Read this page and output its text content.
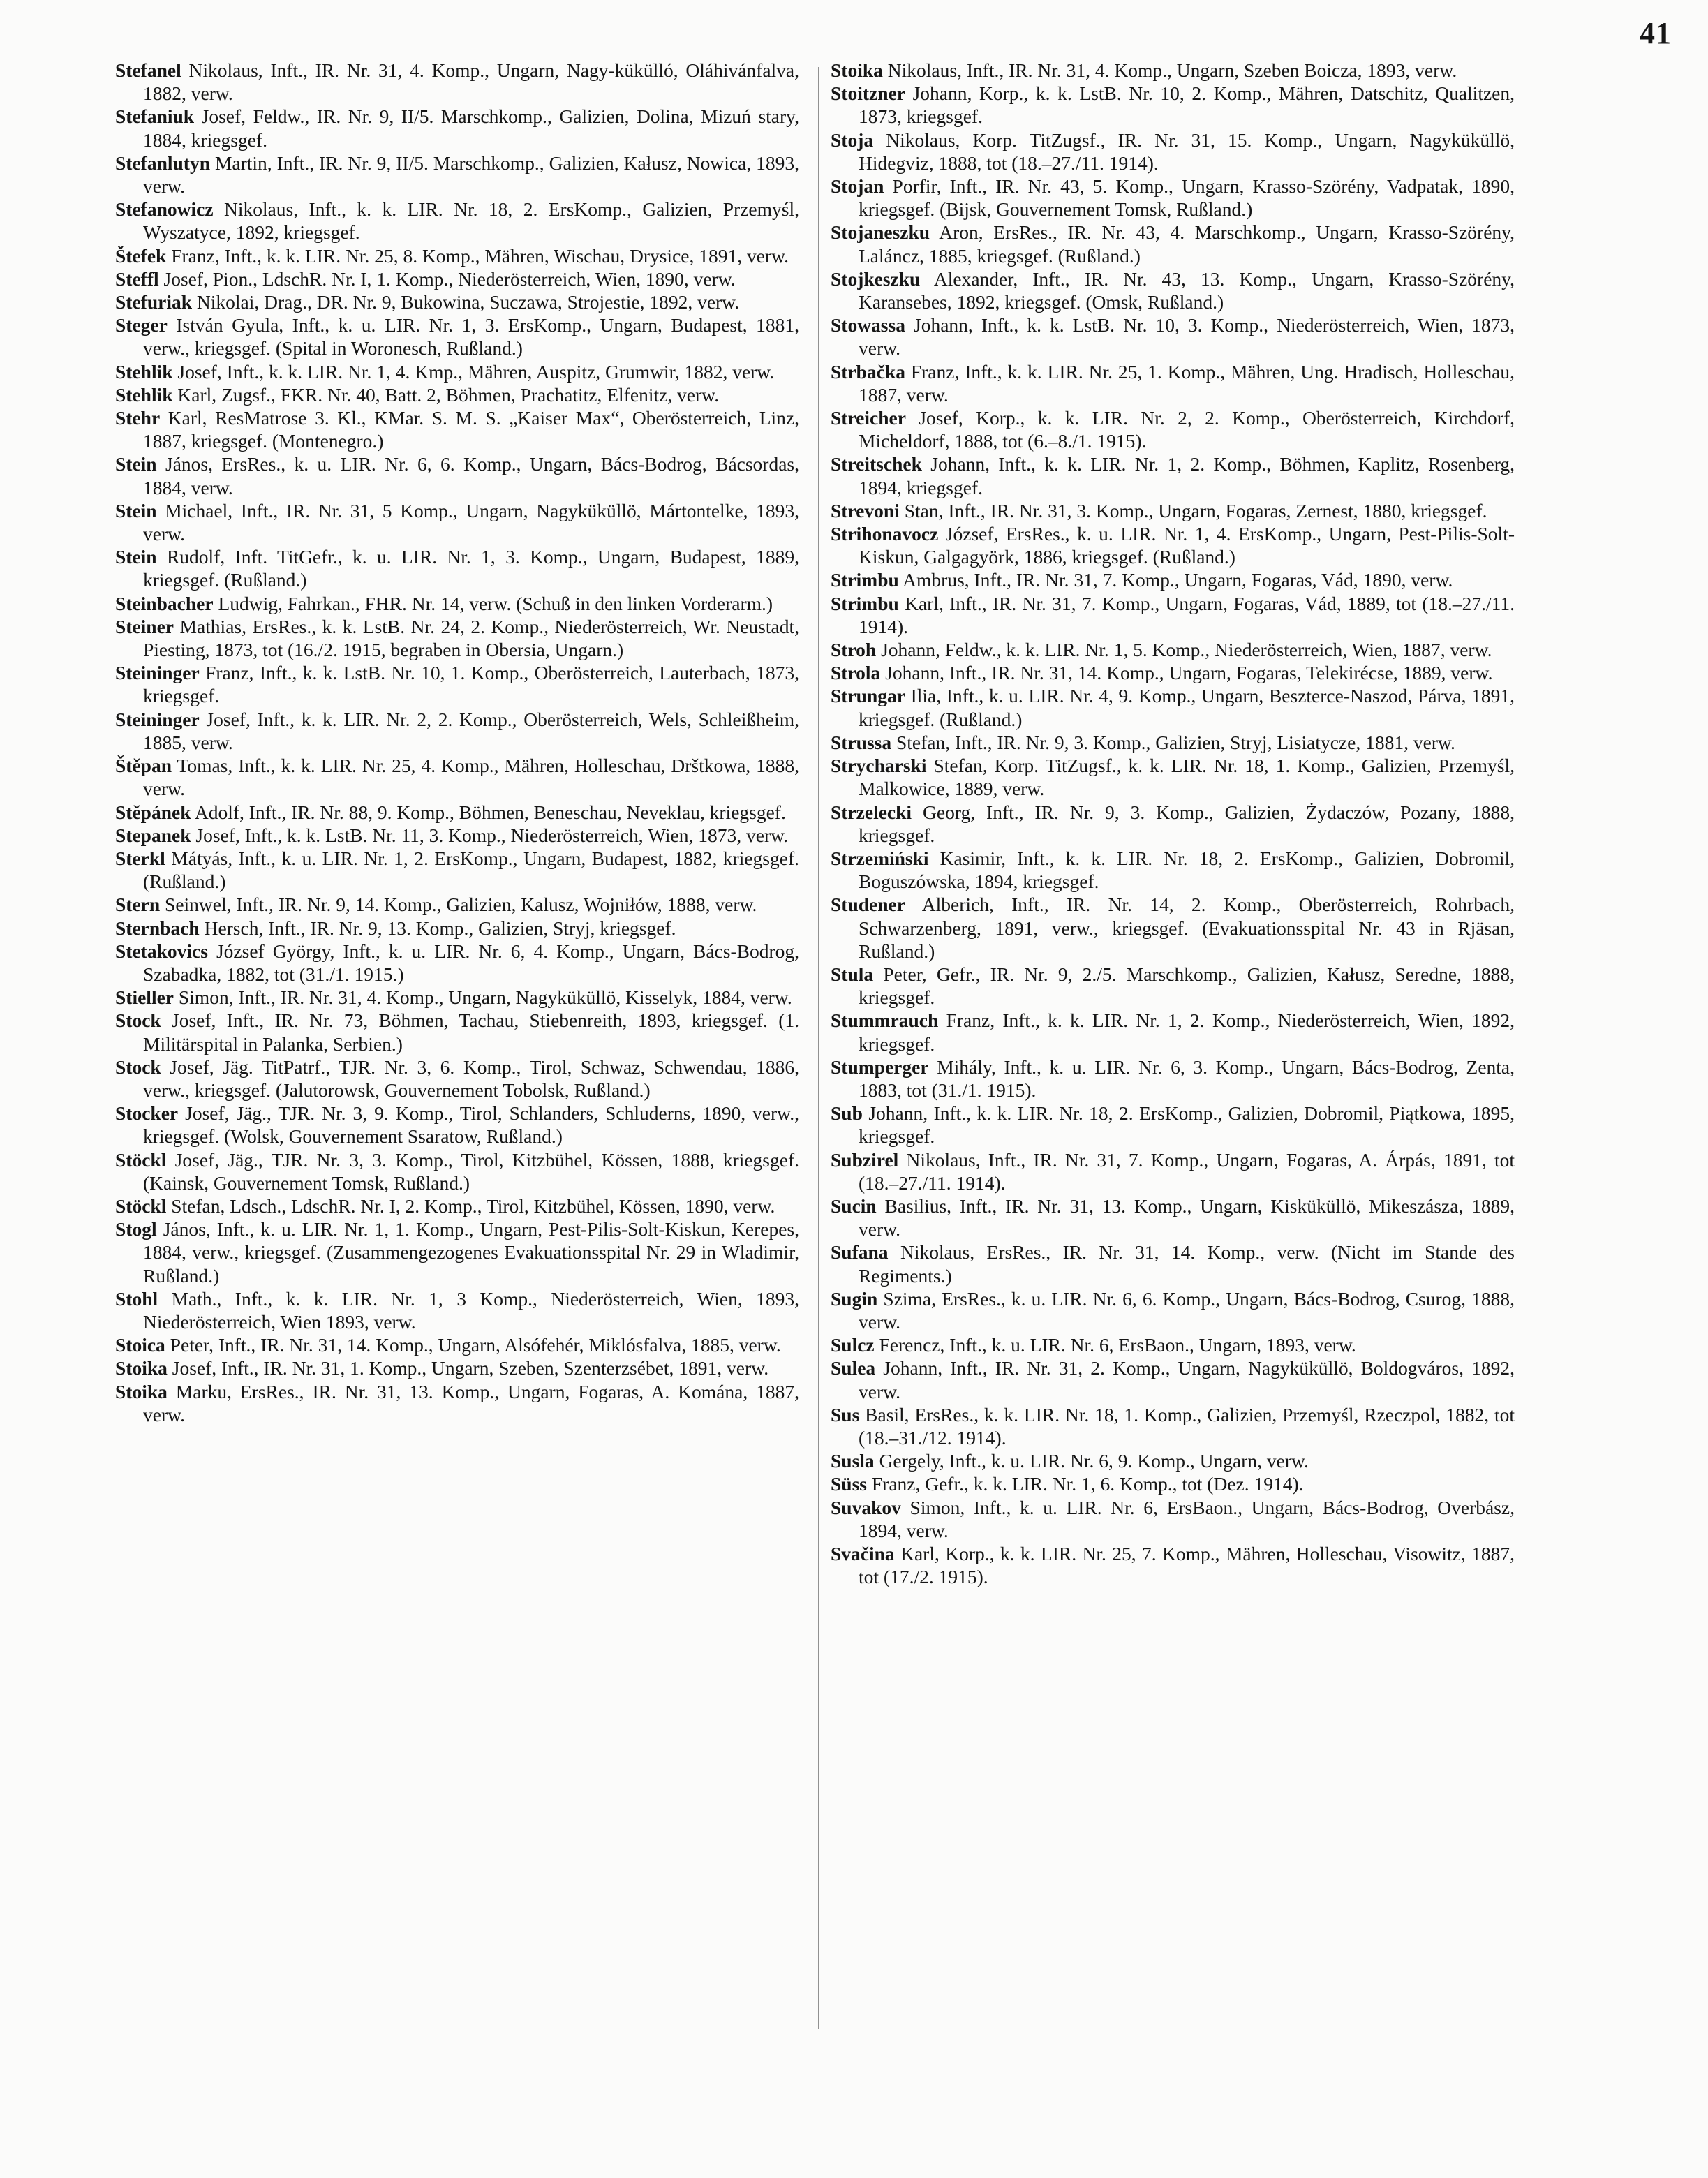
41

Stefanel Nikolaus, Inft., IR. Nr. 31, 4. Komp., Ungarn, Nagy-kükülló, Oláhivánfalva, 1882, verw.

Stefaniuk Josef, Feldw., IR. Nr. 9, II/5. Marschkomp., Galizien, Dolina, Mizuń stary, 1884, kriegsgef.

Stefanlutyn Martin, Inft., IR. Nr. 9, II/5. Marschkomp., Galizien, Kałusz, Nowica, 1893, verw.

Stefanowicz Nikolaus, Inft., k. k. LIR. Nr. 18, 2. ErsKomp., Galizien, Przemyśl, Wyszatyce, 1892, kriegsgef.

Štefek Franz, Inft., k. k. LIR. Nr. 25, 8. Komp., Mähren, Wischau, Drysice, 1891, verw.

Steffl Josef, Pion., LdschR. Nr. I, 1. Komp., Niederösterreich, Wien, 1890, verw.

Stefuriak Nikolai, Drag., DR. Nr. 9, Bukowina, Suczawa, Strojestie, 1892, verw.

Steger István Gyula, Inft., k. u. LIR. Nr. 1, 3. ErsKomp., Ungarn, Budapest, 1881, verw., kriegsgef. (Spital in Woronesch, Rußland.)

Stehlik Josef, Inft., k. k. LIR. Nr. 1, 4. Kmp., Mähren, Auspitz, Grumwir, 1882, verw.

Stehlik Karl, Zugsf., FKR. Nr. 40, Batt. 2, Böhmen, Prachatitz, Elfenitz, verw.

Stehr Karl, ResMatrose 3. Kl., KMar. S. M. S. „Kaiser Max“, Oberösterreich, Linz, 1887, kriegsgef. (Montenegro.)

Stein János, ErsRes., k. u. LIR. Nr. 6, 6. Komp., Ungarn, Bács-Bodrog, Bácsordas, 1884, verw.

Stein Michael, Inft., IR. Nr. 31, 5 Komp., Ungarn, Nagyküküllö, Mártontelke, 1893, verw.

Stein Rudolf, Inft. TitGefr., k. u. LIR. Nr. 1, 3. Komp., Ungarn, Budapest, 1889, kriegsgef. (Rußland.)

Steinbacher Ludwig, Fahrkan., FHR. Nr. 14, verw. (Schuß in den linken Vorderarm.)

Steiner Mathias, ErsRes., k. k. LstB. Nr. 24, 2. Komp., Niederösterreich, Wr. Neustadt, Piesting, 1873, tot (16./2. 1915, begraben in Obersia, Ungarn.)

Steininger Franz, Inft., k. k. LstB. Nr. 10, 1. Komp., Oberösterreich, Lauterbach, 1873, kriegsgef.

Steininger Josef, Inft., k. k. LIR. Nr. 2, 2. Komp., Oberösterreich, Wels, Schleißheim, 1885, verw.

Štěpan Tomas, Inft., k. k. LIR. Nr. 25, 4. Komp., Mähren, Holleschau, Drštkowa, 1888, verw.

Stěpánek Adolf, Inft., IR. Nr. 88, 9. Komp., Böhmen, Beneschau, Neveklau, kriegsgef.

Stepanek Josef, Inft., k. k. LstB. Nr. 11, 3. Komp., Niederösterreich, Wien, 1873, verw.

Sterkl Mátyás, Inft., k. u. LIR. Nr. 1, 2. ErsKomp., Ungarn, Budapest, 1882, kriegsgef. (Rußland.)

Stern Seinwel, Inft., IR. Nr. 9, 14. Komp., Galizien, Kalusz, Wojniłów, 1888, verw.

Sternbach Hersch, Inft., IR. Nr. 9, 13. Komp., Galizien, Stryj, kriegsgef.

Stetakovics József György, Inft., k. u. LIR. Nr. 6, 4. Komp., Ungarn, Bács-Bodrog, Szabadka, 1882, tot (31./1. 1915.)

Stieller Simon, Inft., IR. Nr. 31, 4. Komp., Ungarn, Nagyküküllö, Kisselyk, 1884, verw.

Stock Josef, Inft., IR. Nr. 73, Böhmen, Tachau, Stiebenreith, 1893, kriegsgef. (1. Militärspital in Palanka, Serbien.)

Stock Josef, Jäg. TitPatrf., TJR. Nr. 3, 6. Komp., Tirol, Schwaz, Schwendau, 1886, verw., kriegsgef. (Jalutorowsk, Gouvernement Tobolsk, Rußland.)

Stocker Josef, Jäg., TJR. Nr. 3, 9. Komp., Tirol, Schlanders, Schluderns, 1890, verw., kriegsgef. (Wolsk, Gouvernement Ssaratow, Rußland.)

Stöckl Josef, Jäg., TJR. Nr. 3, 3. Komp., Tirol, Kitzbühel, Kössen, 1888, kriegsgef. (Kainsk, Gouvernement Tomsk, Rußland.)

Stöckl Stefan, Ldsch., LdschR. Nr. I, 2. Komp., Tirol, Kitzbühel, Kössen, 1890, verw.

Stogl János, Inft., k. u. LIR. Nr. 1, 1. Komp., Ungarn, Pest-Pilis-Solt-Kiskun, Kerepes, 1884, verw., kriegsgef. (Zusammengezogenes Evakuationsspital Nr. 29 in Wladimir, Rußland.)

Stohl Math., Inft., k. k. LIR. Nr. 1, 3 Komp., Niederösterreich, Wien, 1893, Niederösterreich, Wien 1893, verw.

Stoica Peter, Inft., IR. Nr. 31, 14. Komp., Ungarn, Alsófehér, Miklósfalva, 1885, verw.

Stoika Josef, Inft., IR. Nr. 31, 1. Komp., Ungarn, Szeben, Szenterzsébet, 1891, verw.

Stoika Marku, ErsRes., IR. Nr. 31, 13. Komp., Ungarn, Fogaras, A. Komána, 1887, verw.

Stoika Nikolaus, Inft., IR. Nr. 31, 4. Komp., Ungarn, Szeben Boicza, 1893, verw.

Stoitzner Johann, Korp., k. k. LstB. Nr. 10, 2. Komp., Mähren, Datschitz, Qualitzen, 1873, kriegsgef.

Stoja Nikolaus, Korp. TitZugsf., IR. Nr. 31, 15. Komp., Ungarn, Nagyküküllö, Hidegviz, 1888, tot (18.–27./11. 1914).

Stojan Porfir, Inft., IR. Nr. 43, 5. Komp., Ungarn, Krasso-Szörény, Vadpatak, 1890, kriegsgef. (Bijsk, Gouvernement Tomsk, Rußland.)

Stojaneszku Aron, ErsRes., IR. Nr. 43, 4. Marschkomp., Ungarn, Krasso-Szörény, Laláncz, 1885, kriegsgef. (Rußland.)

Stojkeszku Alexander, Inft., IR. Nr. 43, 13. Komp., Ungarn, Krasso-Szörény, Karansebes, 1892, kriegsgef. (Omsk, Rußland.)

Stowassa Johann, Inft., k. k. LstB. Nr. 10, 3. Komp., Niederösterreich, Wien, 1873, verw.

Strbačka Franz, Inft., k. k. LIR. Nr. 25, 1. Komp., Mähren, Ung. Hradisch, Holleschau, 1887, verw.

Streicher Josef, Korp., k. k. LIR. Nr. 2, 2. Komp., Oberösterreich, Kirchdorf, Micheldorf, 1888, tot (6.–8./1. 1915).

Streitschek Johann, Inft., k. k. LIR. Nr. 1, 2. Komp., Böhmen, Kaplitz, Rosenberg, 1894, kriegsgef.

Strevoni Stan, Inft., IR. Nr. 31, 3. Komp., Ungarn, Fogaras, Zernest, 1880, kriegsgef.

Strihonavocz József, ErsRes., k. u. LIR. Nr. 1, 4. ErsKomp., Ungarn, Pest-Pilis-Solt-Kiskun, Galgagyörk, 1886, kriegsgef. (Rußland.)

Strimbu Ambrus, Inft., IR. Nr. 31, 7. Komp., Ungarn, Fogaras, Vád, 1890, verw.

Strimbu Karl, Inft., IR. Nr. 31, 7. Komp., Ungarn, Fogaras, Vád, 1889, tot (18.–27./11. 1914).

Stroh Johann, Feldw., k. k. LIR. Nr. 1, 5. Komp., Niederösterreich, Wien, 1887, verw.

Strola Johann, Inft., IR. Nr. 31, 14. Komp., Ungarn, Fogaras, Telekirécse, 1889, verw.

Strungar Ilia, Inft., k. u. LIR. Nr. 4, 9. Komp., Ungarn, Beszterce-Naszod, Párva, 1891, kriegsgef. (Rußland.)

Strussa Stefan, Inft., IR. Nr. 9, 3. Komp., Galizien, Stryj, Lisiatycze, 1881, verw.

Strycharski Stefan, Korp. TitZugsf., k. k. LIR. Nr. 18, 1. Komp., Galizien, Przemyśl, Malkowice, 1889, verw.

Strzelecki Georg, Inft., IR. Nr. 9, 3. Komp., Galizien, Żydaczów, Pozany, 1888, kriegsgef.

Strzemiński Kasimir, Inft., k. k. LIR. Nr. 18, 2. ErsKomp., Galizien, Dobromil, Boguszówska, 1894, kriegsgef.

Studener Alberich, Inft., IR. Nr. 14, 2. Komp., Oberösterreich, Rohrbach, Schwarzenberg, 1891, verw., kriegsgef. (Evakuationsspital Nr. 43 in Rjäsan, Rußland.)

Stula Peter, Gefr., IR. Nr. 9, 2./5. Marschkomp., Galizien, Kałusz, Seredne, 1888, kriegsgef.

Stummrauch Franz, Inft., k. k. LIR. Nr. 1, 2. Komp., Niederösterreich, Wien, 1892, kriegsgef.

Stumperger Mihály, Inft., k. u. LIR. Nr. 6, 3. Komp., Ungarn, Bács-Bodrog, Zenta, 1883, tot (31./1. 1915).

Sub Johann, Inft., k. k. LIR. Nr. 18, 2. ErsKomp., Galizien, Dobromil, Piątkowa, 1895, kriegsgef.

Subzirel Nikolaus, Inft., IR. Nr. 31, 7. Komp., Ungarn, Fogaras, A. Árpás, 1891, tot (18.–27./11. 1914).

Sucin Basilius, Inft., IR. Nr. 31, 13. Komp., Ungarn, Kisküküllö, Mikeszásza, 1889, verw.

Sufana Nikolaus, ErsRes., IR. Nr. 31, 14. Komp., verw. (Nicht im Stande des Regiments.)

Sugin Szima, ErsRes., k. u. LIR. Nr. 6, 6. Komp., Ungarn, Bács-Bodrog, Csurog, 1888, verw.

Sulcz Ferencz, Inft., k. u. LIR. Nr. 6, ErsBaon., Ungarn, 1893, verw.

Sulea Johann, Inft., IR. Nr. 31, 2. Komp., Ungarn, Nagyküküllö, Boldogváros, 1892, verw.

Sus Basil, ErsRes., k. k. LIR. Nr. 18, 1. Komp., Galizien, Przemyśl, Rzeczpol, 1882, tot (18.–31./12. 1914).

Susla Gergely, Inft., k. u. LIR. Nr. 6, 9. Komp., Ungarn, verw.

Süss Franz, Gefr., k. k. LIR. Nr. 1, 6. Komp., tot (Dez. 1914).

Suvakov Simon, Inft., k. u. LIR. Nr. 6, ErsBaon., Ungarn, Bács-Bodrog, Overbász, 1894, verw.

Svačina Karl, Korp., k. k. LIR. Nr. 25, 7. Komp., Mähren, Holleschau, Visowitz, 1887, tot (17./2. 1915).
